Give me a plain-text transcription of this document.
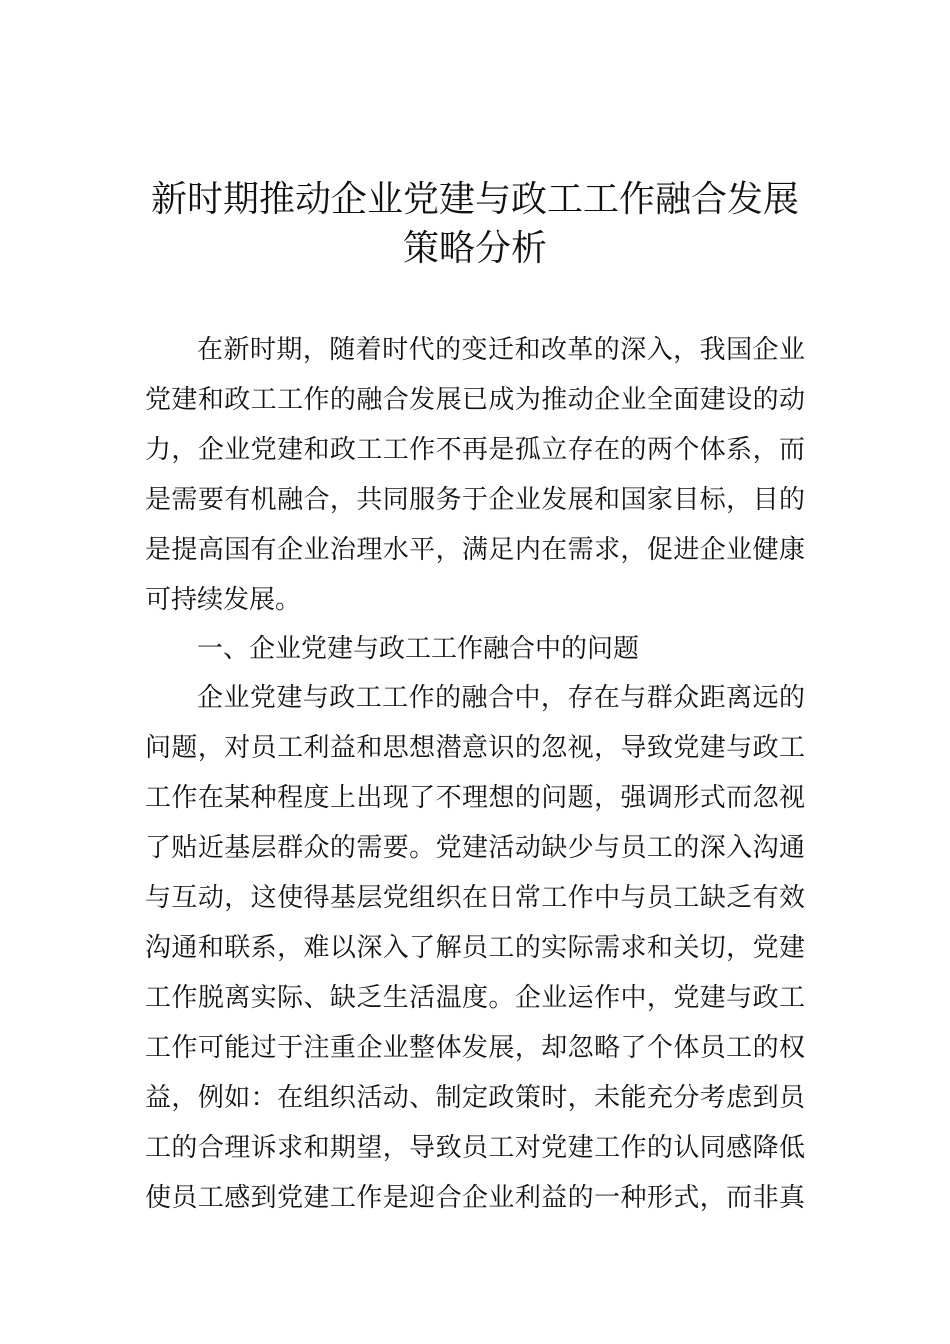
新时期推动企业党建与政工工作融合发展
策略分析
在新时期，随着时代的变迁和改革的深入，我国企业
党建和政工工作的融合发展已成为推动企业全面建设的动
力，企业党建和政工工作不再是孤立存在的两个体系，而
是需要有机融合，共同服务于企业发展和国家目标，目的
是提高国有企业治理水平，满足内在需求，促进企业健康
可持续发展。
一、企业党建与政工工作融合中的问题
企业党建与政工工作的融合中，存在与群众距离远的
问题，对员工利益和思想潜意识的忽视，导致党建与政工
工作在某种程度上出现了不理想的问题，强调形式而忽视
了贴近基层群众的需要。党建活动缺少与员工的深入沟通
与互动，这使得基层党组织在日常工作中与员工缺乏有效
沟通和联系，难以深入了解员工的实际需求和关切，党建
工作脱离实际、缺乏生活温度。企业运作中，党建与政工
工作可能过于注重企业整体发展，却忽略了个体员工的权
益，例如：在组织活动、制定政策时，未能充分考虑到员
工的合理诉求和期望，导致员工对党建工作的认同感降低
使员工感到党建工作是迎合企业利益的一种形式，而非真
